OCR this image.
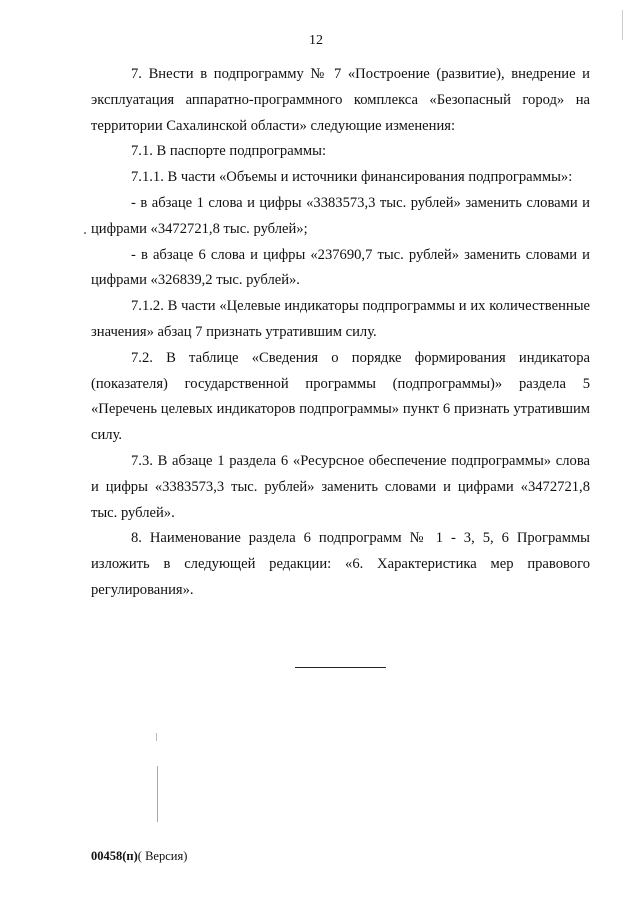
12

7. Внести в подпрограмму № 7 «Построение (развитие), внедрение и эксплуатация аппаратно-программного комплекса «Безопасный город» на территории Сахалинской области» следующие изменения:

7.1. В паспорте подпрограммы:

7.1.1. В части «Объемы и источники финансирования подпрограммы»:

- в абзаце 1 слова и цифры «3383573,3 тыс. рублей» заменить словами и цифрами «3472721,8 тыс. рублей»;

- в абзаце 6 слова и цифры «237690,7 тыс. рублей» заменить словами и цифрами «326839,2 тыс. рублей».

7.1.2. В части «Целевые индикаторы подпрограммы и их количественные значения» абзац 7 признать утратившим силу.

7.2. В таблице «Сведения о порядке формирования индикатора (показателя) государственной программы (подпрограммы)» раздела 5 «Перечень целевых индикаторов подпрограммы» пункт 6 признать утратившим силу.

7.3. В абзаце 1 раздела 6 «Ресурсное обеспечение подпрограммы» слова и цифры «3383573,3 тыс. рублей» заменить словами и цифрами «3472721,8 тыс. рублей».

8. Наименование раздела 6 подпрограмм № 1 - 3, 5, 6 Программы изложить в следующей редакции: «6. Характеристика мер правового регулирования».

00458(п)( Версия)
